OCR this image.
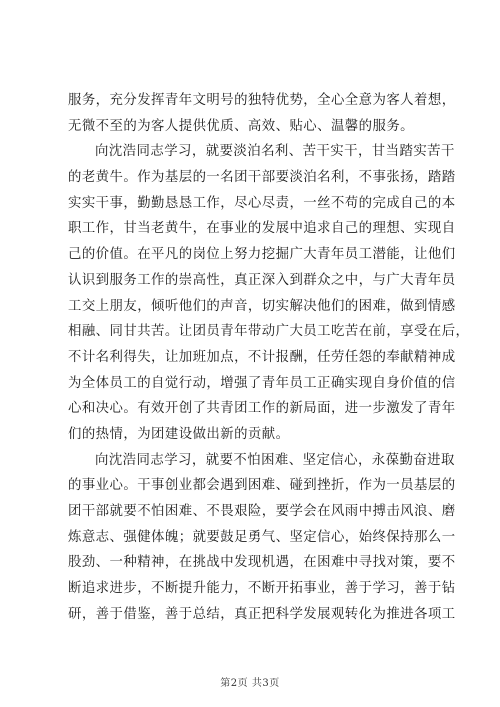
服务，充分发挥青年文明号的独特优势，全心全意为客人着想，
无微不至的为客人提供优质、高效、贴心、温馨的服务。
向沈浩同志学习，就要淡泊名利、苦干实干，甘当踏实苦干
的老黄牛。作为基层的一名团干部要淡泊名利，不事张扬，踏踏
实实干事，勤勤恳恳工作，尽心尽责，一丝不苟的完成自己的本
职工作，甘当老黄牛，在事业的发展中追求自己的理想、实现自
己的价值。在平凡的岗位上努力挖掘广大青年员工潜能，让他们
认识到服务工作的崇高性，真正深入到群众之中，与广大青年员
工交上朋友，倾听他们的声音，切实解决他们的困难，做到情感
相融、同甘共苦。让团员青年带动广大员工吃苦在前，享受在后，
不计名利得失，让加班加点，不计报酬，任劳任怨的奉献精神成
为全体员工的自觉行动，增强了青年员工正确实现自身价值的信
心和决心。有效开创了共青团工作的新局面，进一步激发了青年
们的热情，为团建设做出新的贡献。
向沈浩同志学习，就要不怕困难、坚定信心，永葆勤奋进取
的事业心。干事创业都会遇到困难、碰到挫折，作为一员基层的
团干部就要不怕困难、不畏艰险，要学会在风雨中搏击风浪、磨
炼意志、强健体魄；就要鼓足勇气、坚定信心，始终保持那么一
股劲、一种精神，在挑战中发现机遇，在困难中寻找对策，要不
断追求进步，不断提升能力，不断开拓事业，善于学习，善于钻
研，善于借鉴，善于总结，真正把科学发展观转化为推进各项工
第2页 共3页
